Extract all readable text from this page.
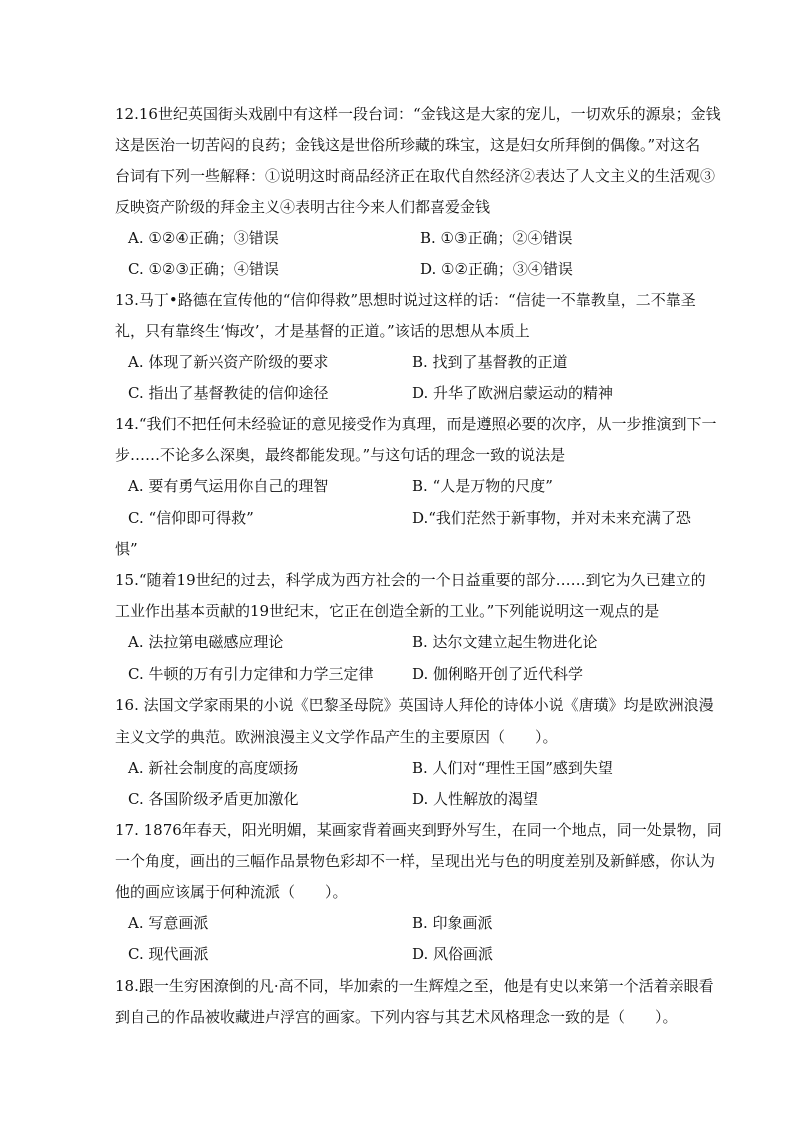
12.16世纪英国街头戏剧中有这样一段台词：“金钱这是大家的宠儿，一切欢乐的源泉；金钱
这是医治一切苦闷的良药；金钱这是世俗所珍藏的珠宝，这是妇女所拜倒的偶像。”对这名
台词有下列一些解释：①说明这时商品经济正在取代自然经济②表达了人文主义的生活观③
反映资产阶级的拜金主义④表明古往今来人们都喜爱金钱
A. ①②④正确；③错误	B. ①③正确；②④错误
C. ①②③正确；④错误	D. ①②正确；③④错误
13.马丁•路德在宣传他的“信仰得救”思想时说过这样的话：“信徒一不靠教皇，二不靠圣
礼，只有靠终生‘悔改’，才是基督的正道。”该话的思想从本质上
A. 体现了新兴资产阶级的要求	B. 找到了基督教的正道
C. 指出了基督教徒的信仰途径	D. 升华了欧洲启蒙运动的精神
14.“我们不把任何未经验证的意见接受作为真理，而是遵照必要的次序，从一步推演到下一
步……不论多么深奥，最终都能发现。”与这句话的理念一致的说法是
A. 要有勇气运用你自己的理智	B. “人是万物的尺度”
C. “信仰即可得救”	D.“我们茫然于新事物，并对未来充满了恐
惧”
15.“随着19世纪的过去，科学成为西方社会的一个日益重要的部分……到它为久已建立的
工业作出基本贡献的19世纪末，它正在创造全新的工业。”下列能说明这一观点的是
A. 法拉第电磁感应理论	B. 达尔文建立起生物进化论
C. 牛顿的万有引力定律和力学三定律	D. 伽俐略开创了近代科学
16. 法国文学家雨果的小说《巴黎圣母院》英国诗人拜伦的诗体小说《唐璜》均是欧洲浪漫
主义文学的典范。欧洲浪漫主义文学作品产生的主要原因（　　）。
A. 新社会制度的高度颂扬	B. 人们对“理性王国”感到失望
C. 各国阶级矛盾更加激化	D. 人性解放的渴望
17. 1876年春天，阳光明媚，某画家背着画夹到野外写生，在同一个地点，同一处景物，同
一个角度，画出的三幅作品景物色彩却不一样，呈现出光与色的明度差别及新鲜感，你认为
他的画应该属于何种流派（　　）。
A. 写意画派	B. 印象画派
C. 现代画派	D. 风俗画派
18.跟一生穷困潦倒的凡·高不同，毕加索的一生辉煌之至，他是有史以来第一个活着亲眼看
到自己的作品被收藏进卢浮宫的画家。下列内容与其艺术风格理念一致的是（　　）。
